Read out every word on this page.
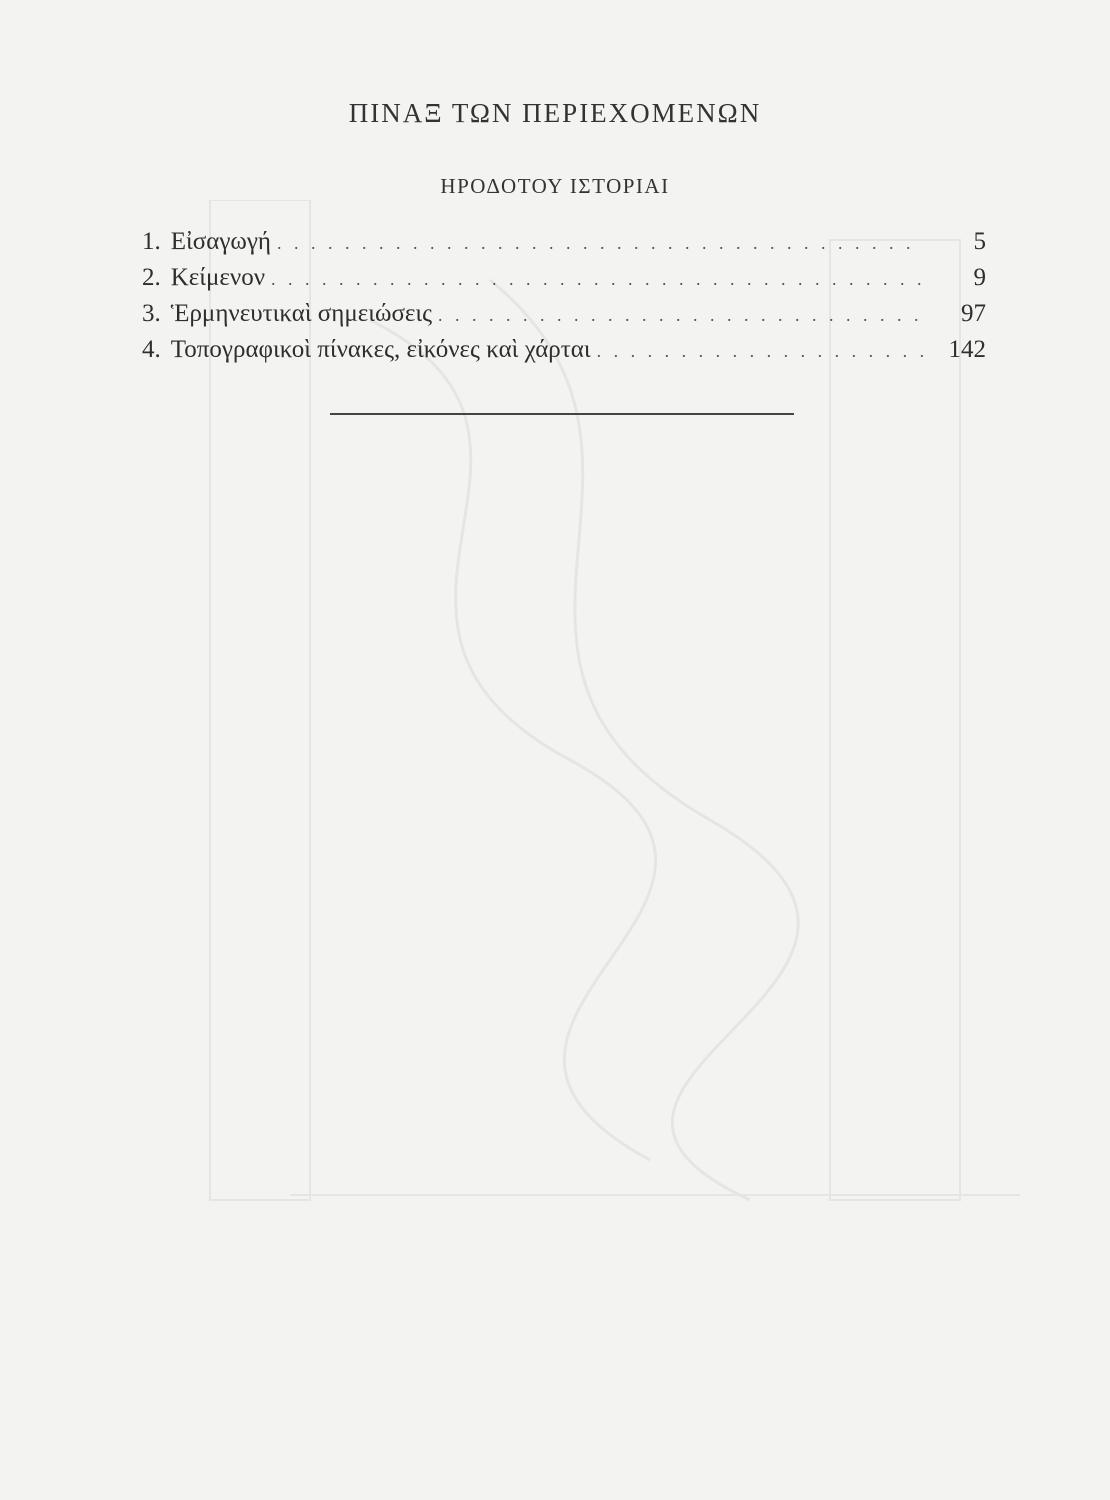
ΠΙΝΑΞ ΤΩΝ ΠΕΡΙΕΧΟΜΕΝΩΝ
ΗΡΟΔΟΤΟΥ ΙΣΤΟΡΙΑΙ
1. Εἰσαγωγή . . .	5
2. Κείμενον . . .	9
3. Ἑρμηνευτικαὶ σημειώσεις . . .	97
4. Τοπογραφικοὶ πίνακες, εἰκόνες καὶ χάρται . . .	142
